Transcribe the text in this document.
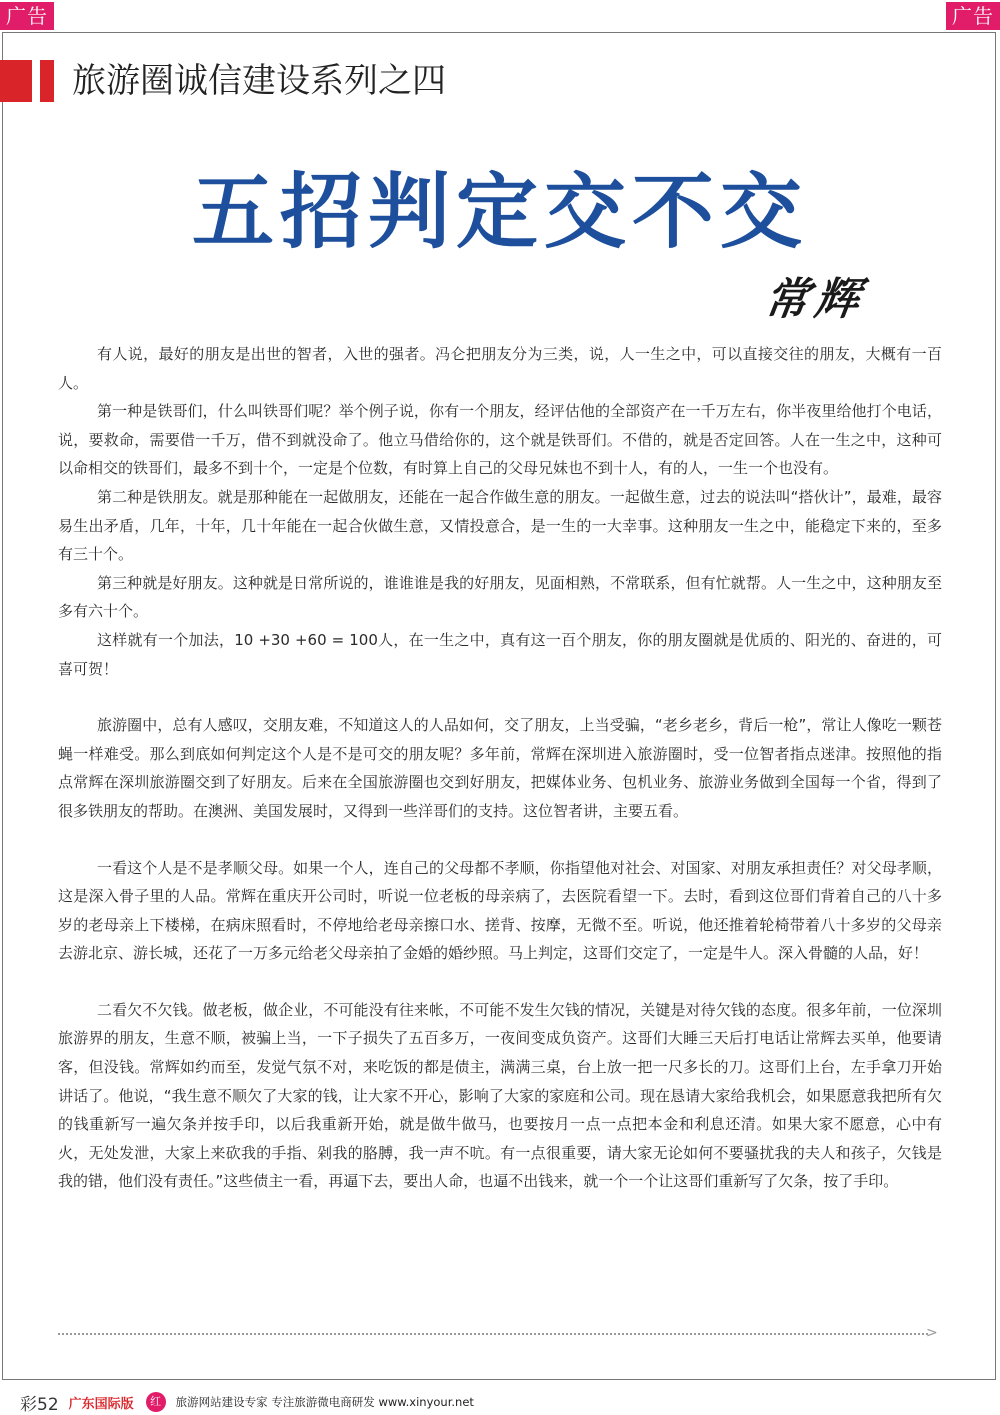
广告	广告
旅游圈诚信建设系列之四
五招判定交不交
常辉

有人说，最好的朋友是出世的智者，入世的强者。冯仑把朋友分为三类，说，人一生之中，可以直接交往的朋友，大概有一百人。

第一种是铁哥们，什么叫铁哥们呢？举个例子说，你有一个朋友，经评估他的全部资产在一千万左右，你半夜里给他打个电话，说，要救命，需要借一千万，借不到就没命了。他立马借给你的，这个就是铁哥们。不借的，就是否定回答。人在一生之中，这种可以命相交的铁哥们，最多不到十个，一定是个位数，有时算上自己的父母兄妹也不到十人，有的人，一生一个也没有。

第二种是铁朋友。就是那种能在一起做朋友，还能在一起合作做生意的朋友。一起做生意，过去的说法叫“搭伙计”，最难，最容易生出矛盾，几年，十年，几十年能在一起合伙做生意，又情投意合，是一生的一大幸事。这种朋友一生之中，能稳定下来的，至多有三十个。

第三种就是好朋友。这种就是日常所说的，谁谁谁是我的好朋友，见面相熟，不常联系，但有忙就帮。人一生之中，这种朋友至多有六十个。

这样就有一个加法，10 +30 +60 = 100人，在一生之中，真有这一百个朋友，你的朋友圈就是优质的、阳光的、奋进的，可喜可贺！

旅游圈中，总有人感叹，交朋友难，不知道这人的人品如何，交了朋友，上当受骗，“老乡老乡，背后一枪”，常让人像吃一颗苍蝇一样难受。那么到底如何判定这个人是不是可交的朋友呢？多年前，常辉在深圳进入旅游圈时，受一位智者指点迷津。按照他的指点常辉在深圳旅游圈交到了好朋友。后来在全国旅游圈也交到好朋友，把媒体业务、包机业务、旅游业务做到全国每一个省，得到了很多铁朋友的帮助。在澳洲、美国发展时，又得到一些洋哥们的支持。这位智者讲，主要五看。

一看这个人是不是孝顺父母。如果一个人，连自己的父母都不孝顺，你指望他对社会、对国家、对朋友承担责任？对父母孝顺，这是深入骨子里的人品。常辉在重庆开公司时，听说一位老板的母亲病了，去医院看望一下。去时，看到这位哥们背着自己的八十多岁的老母亲上下楼梯，在病床照看时，不停地给老母亲擦口水、搓背、按摩，无微不至。听说，他还推着轮椅带着八十多岁的父母亲去游北京、游长城，还花了一万多元给老父母亲拍了金婚的婚纱照。马上判定，这哥们交定了，一定是牛人。深入骨髓的人品，好！

二看欠不欠钱。做老板，做企业，不可能没有往来帐，不可能不发生欠钱的情况，关键是对待欠钱的态度。很多年前，一位深圳旅游界的朋友，生意不顺，被骗上当，一下子损失了五百多万，一夜间变成负资产。这哥们大睡三天后打电话让常辉去买单，他要请客，但没钱。常辉如约而至，发觉气氛不对，来吃饭的都是债主，满满三桌，台上放一把一尺多长的刀。这哥们上台，左手拿刀开始讲话了。他说，“我生意不顺欠了大家的钱，让大家不开心，影响了大家的家庭和公司。现在恳请大家给我机会，如果愿意我把所有欠的钱重新写一遍欠条并按手印，以后我重新开始，就是做牛做马，也要按月一点一点把本金和利息还清。如果大家不愿意，心中有火，无处发泄，大家上来砍我的手指、剁我的胳膊，我一声不吭。有一点很重要，请大家无论如何不要骚扰我的夫人和孩子，欠钱是我的错，他们没有责任。”这些债主一看，再逼下去，要出人命，也逼不出钱来，就一个一个让这哥们重新写了欠条，按了手印。

>
彩52 广东国际版	红	旅游网站建设专家 专注旅游微电商研发 www.xinyour.net
